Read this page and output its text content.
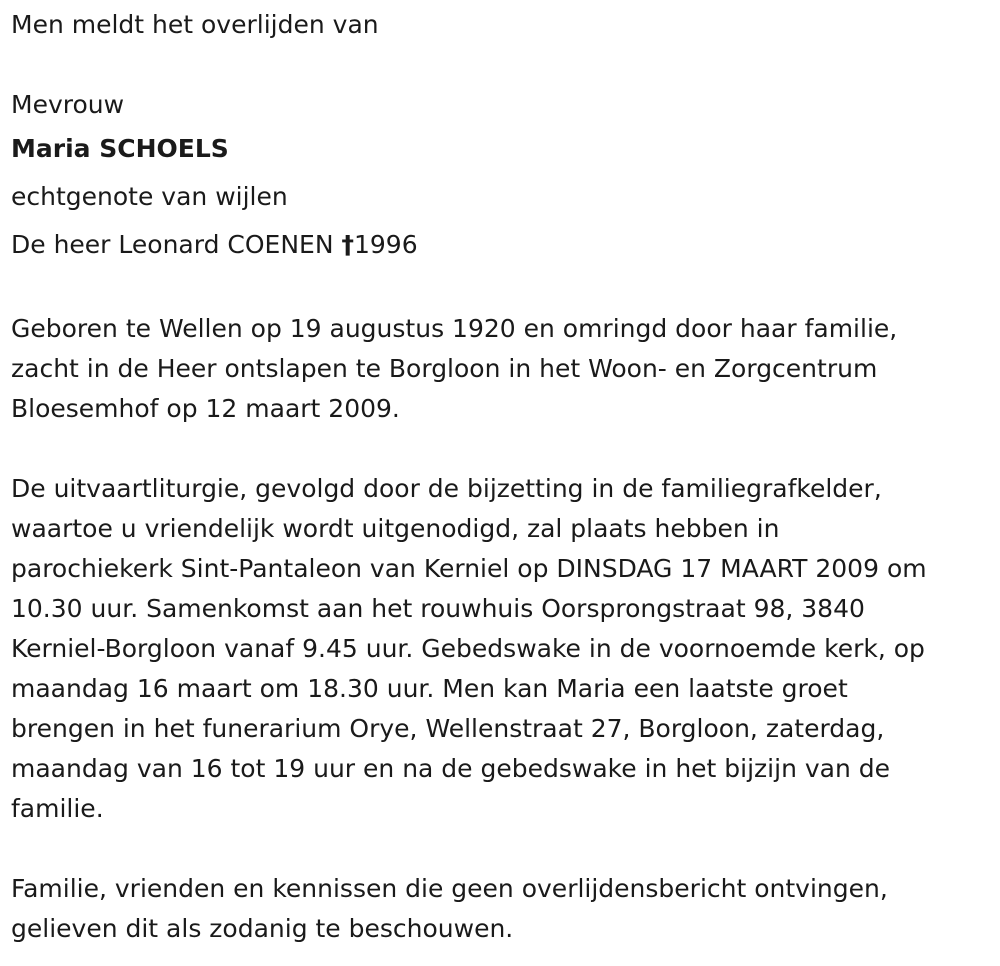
Men meldt het overlijden van
Mevrouw
Maria SCHOELS
echtgenote van wijlen
De heer Leonard COENEN †1996
Geboren te Wellen op 19 augustus 1920 en omringd door haar familie,
zacht in de Heer ontslapen te Borgloon in het Woon- en Zorgcentrum
Bloesemhof op 12 maart 2009.
De uitvaartliturgie, gevolgd door de bijzetting in de familiegrafkelder,
waartoe u vriendelijk wordt uitgenodigd, zal plaats hebben in
parochiekerk Sint-Pantaleon van Kerniel op DINSDAG 17 MAART 2009 om
10.30 uur. Samenkomst aan het rouwhuis Oorsprongstraat 98, 3840
Kerniel-Borgloon vanaf 9.45 uur. Gebedswake in de voornoemde kerk, op
maandag 16 maart om 18.30 uur. Men kan Maria een laatste groet
brengen in het funerarium Orye, Wellenstraat 27, Borgloon, zaterdag,
maandag van 16 tot 19 uur en na de gebedswake in het bijzijn van de
familie.
Familie, vrienden en kennissen die geen overlijdensbericht ontvingen,
gelieven dit als zodanig te beschouwen.
